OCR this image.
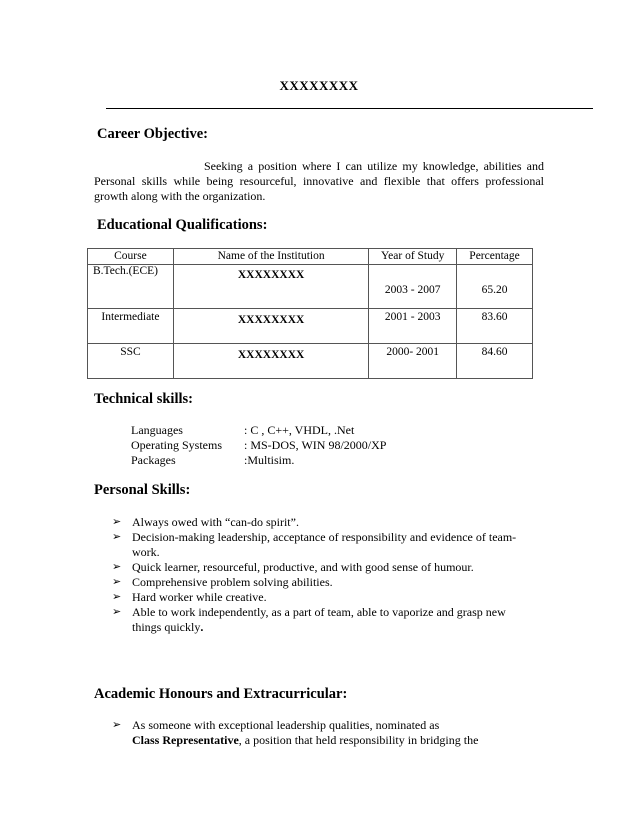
XXXXXXXX
Career Objective:
Seeking a position where I can utilize my knowledge, abilities and
Personal skills while being resourceful, innovative and flexible that offers professional
growth along with the organization.
Educational Qualifications:
Course	Name of the Institution	Year of Study	Percentage
B.Tech.(ECE)	XXXXXXXX	2003 - 2007	65.20
Intermediate	XXXXXXXX	2001 - 2003	83.60
SSC	XXXXXXXX	2000- 2001	84.60
Technical skills:
Languages	: C , C++, VHDL, .Net
Operating Systems : MS-DOS, WIN 98/2000/XP
Packages	:Multisim.
Personal Skills:
➢ Always owed with “can-do spirit”.
➢ Decision-making leadership, acceptance of responsibility and evidence of team-
work.
➢ Quick learner, resourceful, productive, and with good sense of humour.
➢ Comprehensive problem solving abilities.
➢ Hard worker while creative.
➢ Able to work independently, as a part of team, able to vaporize and grasp new
things quickly.
Academic Honours and Extracurricular:
➢ As someone with exceptional leadership qualities, nominated as
Class Representative, a position that held responsibility in bridging the
